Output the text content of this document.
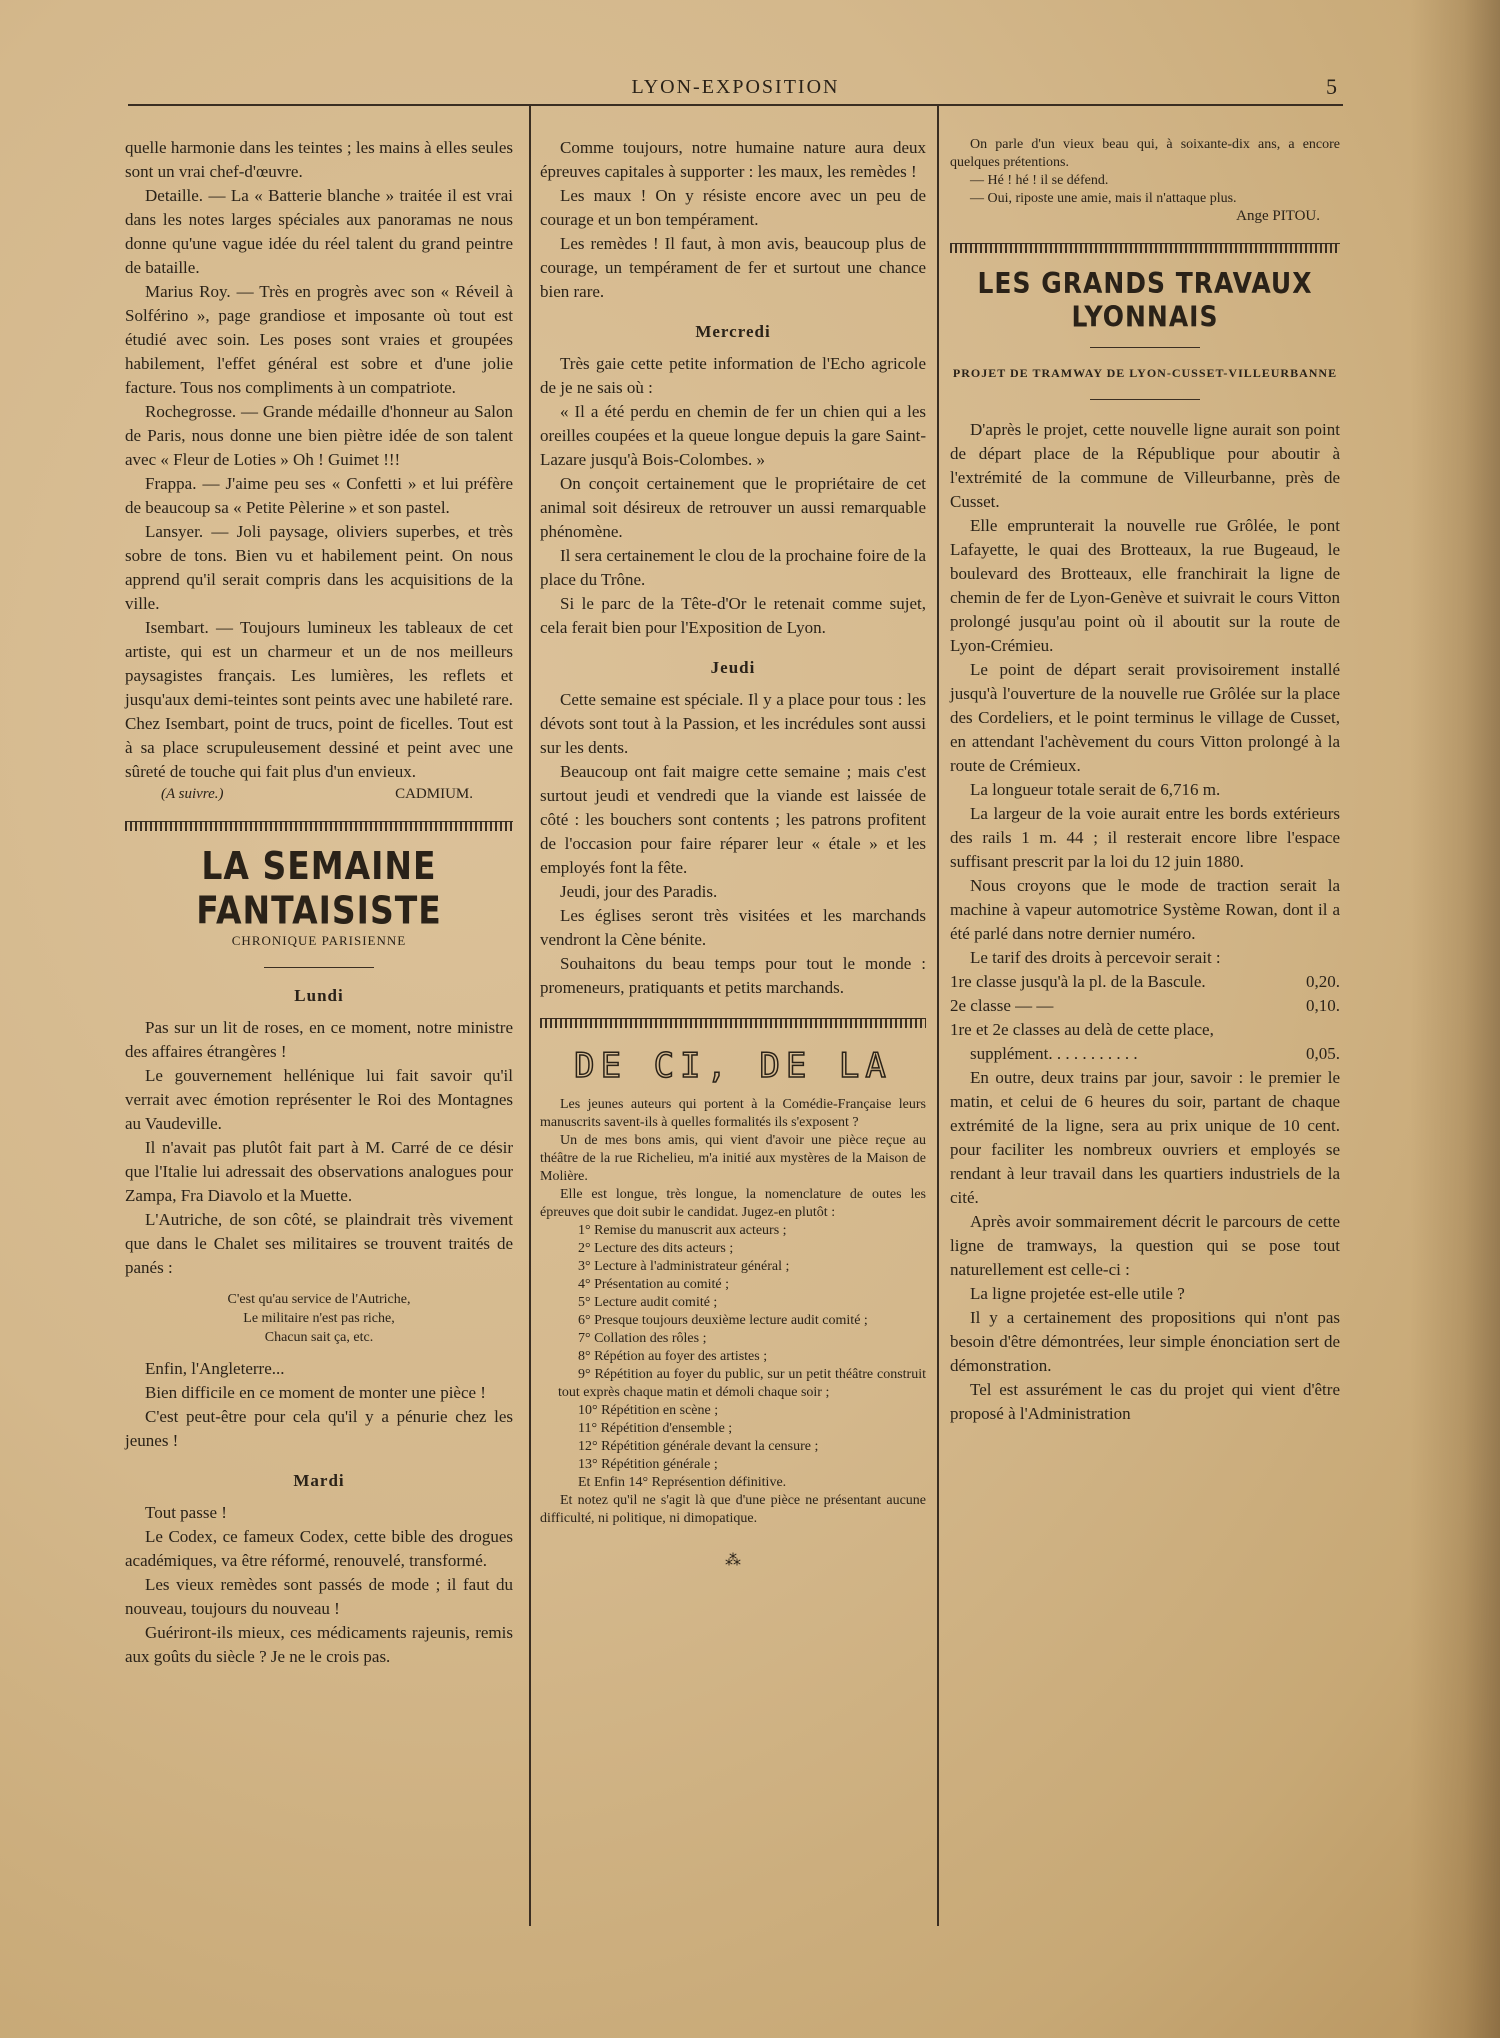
LYON-EXPOSITION	5

quelle harmonie dans les teintes ; les mains à elles seules sont un vrai chef-d'œuvre.

Detaille. — La « Batterie blanche » traitée il est vrai dans les notes larges spéciales aux panoramas ne nous donne qu'une vague idée du réel talent du grand peintre de bataille.

Marius Roy. — Très en progrès avec son « Réveil à Solférino », page grandiose et imposante où tout est étudié avec soin. Les poses sont vraies et groupées habilement, l'effet général est sobre et d'une jolie facture. Tous nos compliments à un compatriote.

Rochegrosse. — Grande médaille d'honneur au Salon de Paris, nous donne une bien piètre idée de son talent avec « Fleur de Loties » Oh ! Guimet !!!

Frappa. — J'aime peu ses « Confetti » et lui préfère de beaucoup sa « Petite Pèlerine » et son pastel.

Lansyer. — Joli paysage, oliviers superbes, et très sobre de tons. Bien vu et habilement peint. On nous apprend qu'il serait compris dans les acquisitions de la ville.

Isembart. — Toujours lumineux les tableaux de cet artiste, qui est un charmeur et un de nos meilleurs paysagistes français. Les lumières, les reflets et jusqu'aux demi-teintes sont peints avec une habileté rare. Chez Isembart, point de trucs, point de ficelles. Tout est à sa place scrupuleusement dessiné et peint avec une sûreté de touche qui fait plus d'un envieux.

(A suivre.)	CADMIUM.
LA SEMAINE FANTAISISTE
CHRONIQUE PARISIENNE
Lundi

Pas sur un lit de roses, en ce moment, notre ministre des affaires étrangères !

Le gouvernement hellénique lui fait savoir qu'il verrait avec émotion représenter le Roi des Montagnes au Vaudeville.

Il n'avait pas plutôt fait part à M. Carré de ce désir que l'Italie lui adressait des observations analogues pour Zampa, Fra Diavolo et la Muette.

L'Autriche, de son côté, se plaindrait très vivement que dans le Chalet ses militaires se trouvent traités de panés :

C'est qu'au service de l'Autriche,
Le militaire n'est pas riche,
Chacun sait ça, etc.

Enfin, l'Angleterre...

Bien difficile en ce moment de monter une pièce !

C'est peut-être pour cela qu'il y a pénurie chez les jeunes !

Mardi

Tout passe !

Le Codex, ce fameux Codex, cette bible des drogues académiques, va être réformé, renouvelé, transformé.

Les vieux remèdes sont passés de mode ; il faut du nouveau, toujours du nouveau !

Guériront-ils mieux, ces médicaments rajeunis, remis aux goûts du siècle ? Je ne le crois pas.

Comme toujours, notre humaine nature aura deux épreuves capitales à supporter : les maux, les remèdes !

Les maux ! On y résiste encore avec un peu de courage et un bon tempérament.

Les remèdes ! Il faut, à mon avis, beaucoup plus de courage, un tempérament de fer et surtout une chance bien rare.

Mercredi

Très gaie cette petite information de l'Echo agricole de je ne sais où :

« Il a été perdu en chemin de fer un chien qui a les oreilles coupées et la queue longue depuis la gare Saint-Lazare jusqu'à Bois-Colombes. »

On conçoit certainement que le propriétaire de cet animal soit désireux de retrouver un aussi remarquable phénomène.

Il sera certainement le clou de la prochaine foire de la place du Trône.

Si le parc de la Tête-d'Or le retenait comme sujet, cela ferait bien pour l'Exposition de Lyon.

Jeudi

Cette semaine est spéciale. Il y a place pour tous : les dévots sont tout à la Passion, et les incrédules sont aussi sur les dents.

Beaucoup ont fait maigre cette semaine ; mais c'est surtout jeudi et vendredi que la viande est laissée de côté : les bouchers sont contents ; les patrons profitent de l'occasion pour faire réparer leur « étale » et les employés font la fête.

Jeudi, jour des Paradis.

Les églises seront très visitées et les marchands vendront la Cène bénite.

Souhaitons du beau temps pour tout le monde : promeneurs, pratiquants et petits marchands.

DE CI, DE LA

Les jeunes auteurs qui portent à la Comédie-Française leurs manuscrits savent-ils à quelles formalités ils s'exposent ?

Un de mes bons amis, qui vient d'avoir une pièce reçue au théâtre de la rue Richelieu, m'a initié aux mystères de la Maison de Molière.

Elle est longue, très longue, la nomenclature de outes les épreuves que doit subir le candidat. Jugez-en plutôt :

1° Remise du manuscrit aux acteurs ;

2° Lecture des dits acteurs ;

3° Lecture à l'administrateur général ;

4° Présentation au comité ;

5° Lecture audit comité ;

6° Presque toujours deuxième lecture audit comité ;

7° Collation des rôles ;

8° Répétion au foyer des artistes ;

9° Répétition au foyer du public, sur un petit théâtre construit tout exprès chaque matin et démoli chaque soir ;

10° Répétition en scène ;

11° Répétition d'ensemble ;

12° Répétition générale devant la censure ;

13° Répétition générale ;

Et Enfin 14° Représention définitive.

Et notez qu'il ne s'agit là que d'une pièce ne présentant aucune difficulté, ni politique, ni dimopatique.

⁂

On parle d'un vieux beau qui, à soixante-dix ans, a encore quelques prétentions.

— Hé ! hé ! il se défend.

— Oui, riposte une amie, mais il n'attaque plus.

Ange PITOU.
LES GRANDS TRAVAUX LYONNAIS
PROJET DE TRAMWAY DE LYON-CUSSET-VILLEURBANNE

D'après le projet, cette nouvelle ligne aurait son point de départ place de la République pour aboutir à l'extrémité de la commune de Villeurbanne, près de Cusset.

Elle emprunterait la nouvelle rue Grôlée, le pont Lafayette, le quai des Brotteaux, la rue Bugeaud, le boulevard des Brotteaux, elle franchirait la ligne de chemin de fer de Lyon-Genève et suivrait le cours Vitton prolongé jusqu'au point où il aboutit sur la route de Lyon-Crémieu.

Le point de départ serait provisoirement installé jusqu'à l'ouverture de la nouvelle rue Grôlée sur la place des Cordeliers, et le point terminus le village de Cusset, en attendant l'achèvement du cours Vitton prolongé à la route de Crémieux.

La longueur totale serait de 6,716 m.

La largeur de la voie aurait entre les bords extérieurs des rails 1 m. 44 ; il resterait encore libre l'espace suffisant prescrit par la loi du 12 juin 1880.

Nous croyons que le mode de traction serait la machine à vapeur automotrice Système Rowan, dont il a été parlé dans notre dernier numéro.

Le tarif des droits à percevoir serait :

1re classe jusqu'à la pl. de la Bascule.	0,20.
2e classe — —	0,10.
1re et 2e classes au delà de cette place,
supplément. . . . . . . . . . .	0,05.

En outre, deux trains par jour, savoir : le premier le matin, et celui de 6 heures du soir, partant de chaque extrémité de la ligne, sera au prix unique de 10 cent. pour faciliter les nombreux ouvriers et employés se rendant à leur travail dans les quartiers industriels de la cité.

Après avoir sommairement décrit le parcours de cette ligne de tramways, la question qui se pose tout naturellement est celle-ci :

La ligne projetée est-elle utile ?

Il y a certainement des propositions qui n'ont pas besoin d'être démontrées, leur simple énonciation sert de démonstration.

Tel est assurément le cas du projet qui vient d'être proposé à l'Administration
